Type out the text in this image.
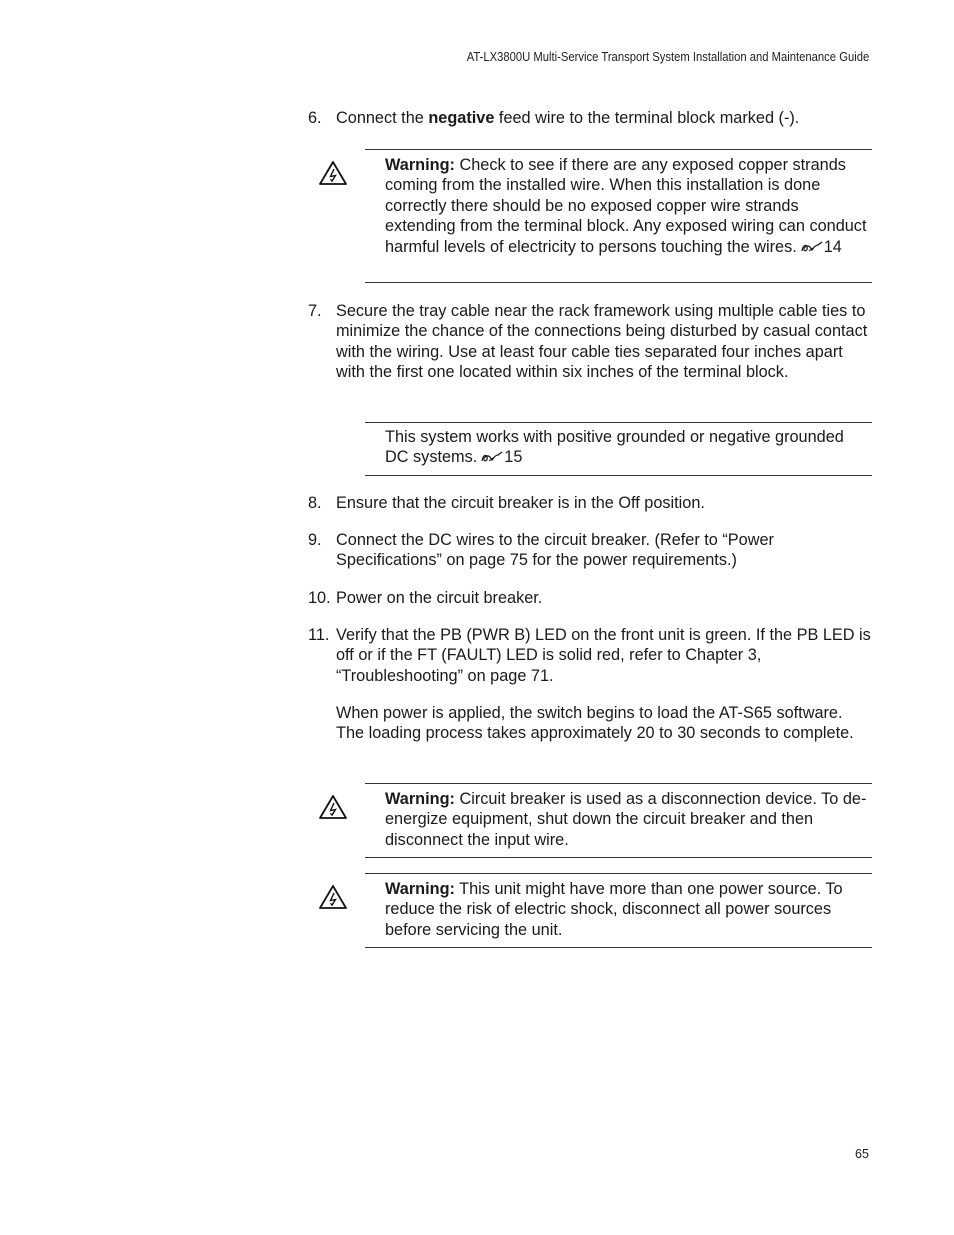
AT-LX3800U Multi-Service Transport System Installation and Maintenance Guide
6. Connect the negative feed wire to the terminal block marked (-).
Warning: Check to see if there are any exposed copper strands coming from the installed wire. When this installation is done correctly there should be no exposed copper wire strands extending from the terminal block. Any exposed wiring can conduct harmful levels of electricity to persons touching the wires. 14
7. Secure the tray cable near the rack framework using multiple cable ties to minimize the chance of the connections being disturbed by casual contact with the wiring. Use at least four cable ties separated four inches apart with the first one located within six inches of the terminal block.
This system works with positive grounded or negative grounded DC systems. 15
8. Ensure that the circuit breaker is in the Off position.
9. Connect the DC wires to the circuit breaker. (Refer to “Power Specifications” on page 75 for the power requirements.)
10. Power on the circuit breaker.
11. Verify that the PB (PWR B) LED on the front unit is green. If the PB LED is off or if the FT (FAULT) LED is solid red, refer to Chapter 3, “Troubleshooting” on page 71.
When power is applied, the switch begins to load the AT-S65 software. The loading process takes approximately 20 to 30 seconds to complete.
Warning: Circuit breaker is used as a disconnection device. To de-energize equipment, shut down the circuit breaker and then disconnect the input wire.
Warning: This unit might have more than one power source. To reduce the risk of electric shock, disconnect all power sources before servicing the unit.
65
